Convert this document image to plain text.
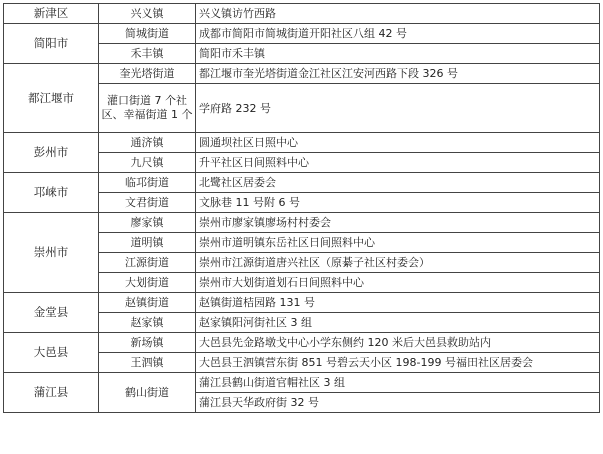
新津区	兴义镇	兴义镇访竹西路
简阳市	简城街道	成都市简阳市简城街道开阳社区八组 42 号
	禾丰镇	简阳市禾丰镇
都江堰市	奎光塔街道	都江堰市奎光塔街道金江社区江安河西路下段 326 号
	灌口街道 7 个社区、幸福街道 1 个	学府路 232 号
彭州市	通济镇	圆通坝社区日照中心
	九尺镇	升平社区日间照料中心
邛崃市	临邛街道	北鹭社区居委会
	文君街道	文脉巷 11 号附 6 号
崇州市	廖家镇	崇州市廖家镇廖场村村委会
	道明镇	崇州市道明镇东岳社区日间照料中心
	江源街道	崇州市江源街道唐兴社区（原綦子社区村委会）
	大划街道	崇州市大划街道划石日间照料中心
金堂县	赵镇街道	赵镇街道桔园路 131 号
	赵家镇	赵家镇阳河街社区 3 组
大邑县	新场镇	大邑县先金路墩戈中心小学东侧约 120 米后大邑县救助站内
	王泗镇	大邑县王泗镇营东街 851 号碧云天小区 198-199 号福田社区居委会
蒲江县	鹤山街道	蒲江县鹤山街道官帽社区 3 组
		蒲江县天华政府街 32 号
